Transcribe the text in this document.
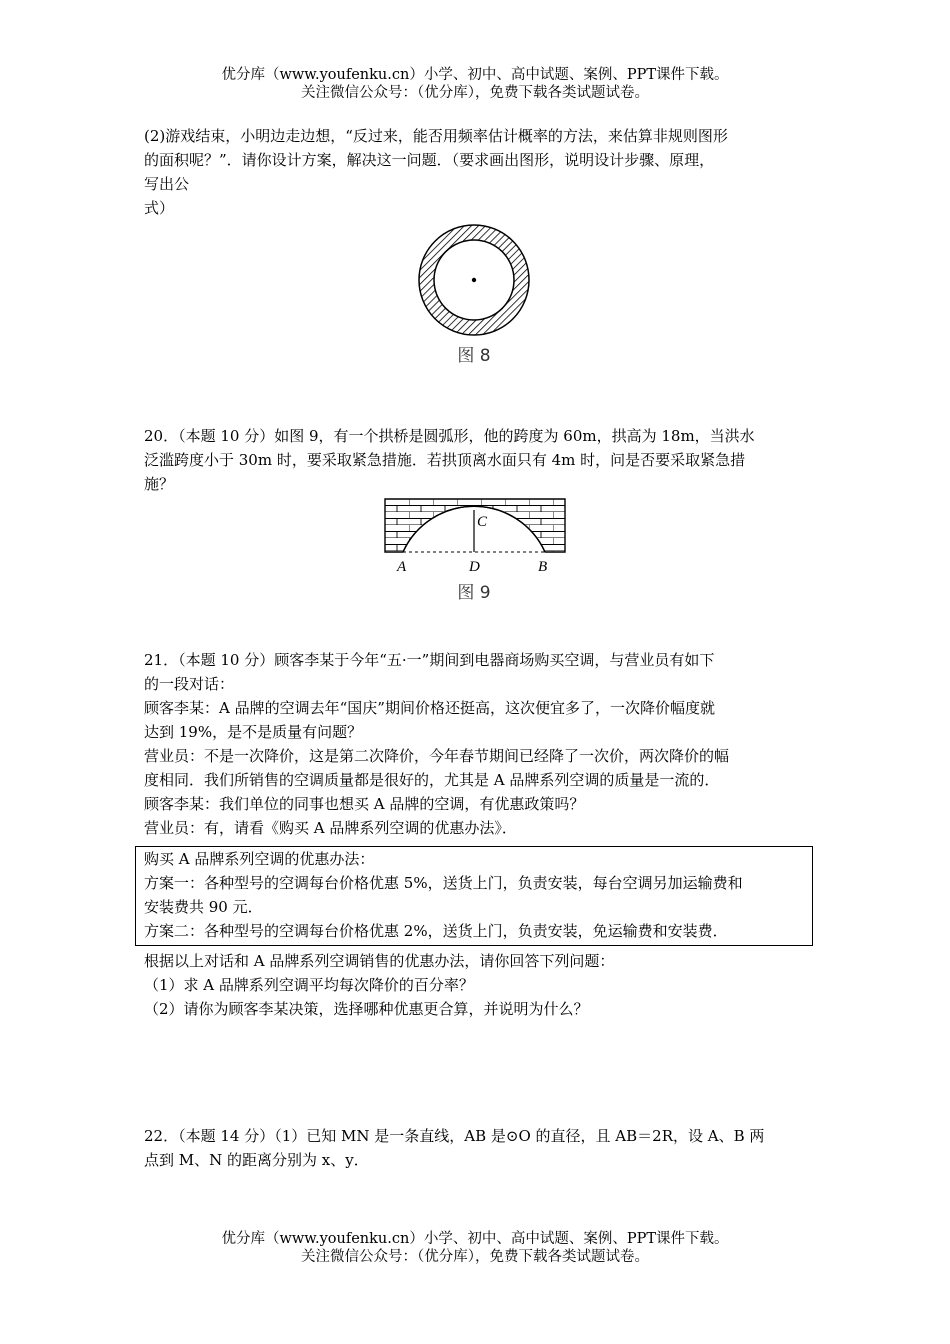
优分库（www.youfenku.cn）小学、初中、高中试题、案例、PPT课件下载。
关注微信公众号：（优分库），免费下载各类试题试卷。
(2)游戏结束，小明边走边想，“反过来，能否用频率估计概率的方法，来估算非规则图形
的面积呢？”．请你设计方案，解决这一问题．（要求画出图形，说明设计步骤、原理，
写出公
式）
图 8
20．（本题 10 分）如图 9，有一个拱桥是圆弧形，他的跨度为 60m，拱高为 18m，当洪水
泛滥跨度小于 30m 时，要采取紧急措施．若拱顶离水面只有 4m 时，问是否要采取紧急措
施？
C
A	D	B
图 9
21．（本题 10 分）顾客李某于今年“五·一”期间到电器商场购买空调，与营业员有如下
的一段对话：
顾客李某：A 品牌的空调去年“国庆”期间价格还挺高，这次便宜多了，一次降价幅度就
达到 19%，是不是质量有问题？
营业员：不是一次降价，这是第二次降价，今年春节期间已经降了一次价，两次降价的幅
度相同．我们所销售的空调质量都是很好的，尤其是 A 品牌系列空调的质量是一流的．
顾客李某：我们单位的同事也想买 A 品牌的空调，有优惠政策吗？
营业员：有，请看《购买 A 品牌系列空调的优惠办法》．
购买 A 品牌系列空调的优惠办法：
方案一：各种型号的空调每台价格优惠 5%，送货上门，负责安装，每台空调另加运输费和
安装费共 90 元．
方案二：各种型号的空调每台价格优惠 2%，送货上门，负责安装，免运输费和安装费．
根据以上对话和 A 品牌系列空调销售的优惠办法，请你回答下列问题：
（1）求 A 品牌系列空调平均每次降价的百分率？
（2）请你为顾客李某决策，选择哪种优惠更合算，并说明为什么？
22．（本题 14 分）（1）已知 MN 是一条直线，AB 是⊙O 的直径，且 AB＝2R，设 A、B 两
点到 M、N 的距离分别为 x、y．
优分库（www.youfenku.cn）小学、初中、高中试题、案例、PPT课件下载。
关注微信公众号：（优分库），免费下载各类试题试卷。
